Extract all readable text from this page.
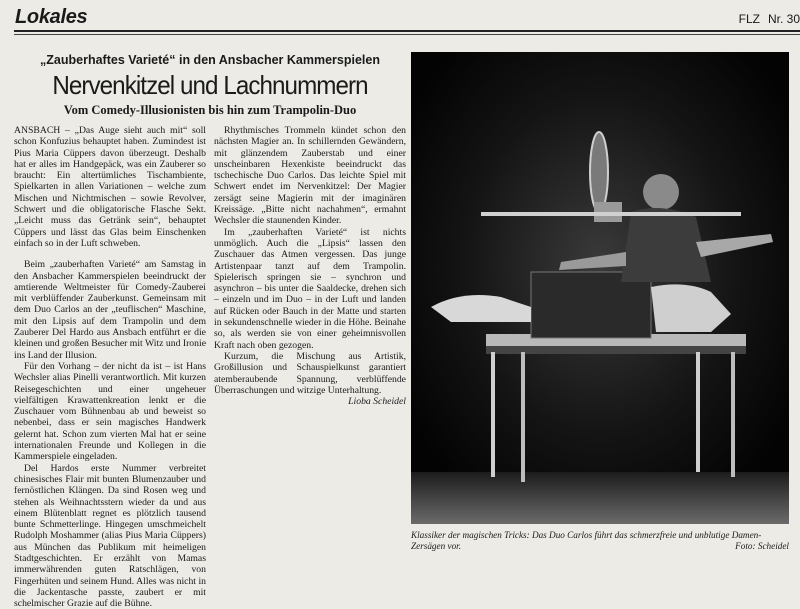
Lokales	FLZ Nr. 30
„Zauberhaftes Varieté“ in den Ansbacher Kammerspielen
Nervenkitzel und Lachnummern
Vom Comedy-Illusionisten bis hin zum Trampolin-Duo

ANSBACH – „Das Auge sieht auch mit“ soll schon Konfuzius behauptet haben. Zumindest ist Pius Maria Cüppers davon überzeugt. Deshalb hat er alles im Handgepäck, was ein Zauberer so braucht: Ein altertümliches Tischambiente, Spielkarten in allen Variationen – welche zum Mischen und Nichtmischen – sowie Revolver, Schwert und die obligatorische Flasche Sekt. „Leicht muss das Getränk sein“, behauptet Cüppers und lässt das Glas beim Einschenken einfach so in der Luft schweben.

Beim „zauberhaften Varieté“ am Samstag in den Ansbacher Kammerspielen beeindruckt der amtierende Weltmeister für Comedy-Zauberei mit verblüffender Zauberkunst. Gemeinsam mit dem Duo Carlos an der „teuflischen“ Maschine, mit den Lipsis auf dem Trampolin und dem Zauberer Del Hardo aus Ansbach entführt er die kleinen und großen Besucher mit Witz und Ironie ins Land der Illusion.

Für den Vorhang – der nicht da ist – ist Hans Wechsler alias Pinelli verantwortlich. Mit kurzen Reisegeschichten und einer ungeheuer vielfältigen Krawattenkreation lenkt er die Zuschauer vom Bühnenbau ab und beweist so nebenbei, dass er sein magisches Handwerk gelernt hat. Schon zum vierten Mal hat er seine internationalen Freunde und Kollegen in die Kammerspiele eingeladen.

Del Hardos erste Nummer verbreitet chinesisches Flair mit bunten Blumenzauber und fernöstlichen Klängen. Da sind Rosen weg und stehen als Weihnachtsstern wieder da und aus einem Blütenblatt regnet es plötzlich tausend bunte Schmetterlinge. Hingegen umschmeichelt Rudolph Moshammer (alias Pius Maria Cüppers) aus München das Publikum mit heimeligen Stadtgeschichten. Er erzählt von Mamas immerwährenden guten Ratschlägen, von Fingerhüten und seinem Hund. Alles was nicht in die Jackentasche passte, zaubert er mit schelmischer Grazie auf die Bühne.

Rhythmisches Trommeln kündet schon den nächsten Magier an. In schillernden Gewändern, mit glänzendem Zauberstab und einer unscheinbaren Hexenkiste beeindruckt das tschechische Duo Carlos. Das leichte Spiel mit Schwert endet im Nervenkitzel: Der Magier zersägt seine Magierin mit der imaginären Kreissäge. „Bitte nicht nachahmen“, ermahnt Wechsler die staunenden Kinder.

Im „zauberhaften Varieté“ ist nichts unmöglich. Auch die „Lipsis“ lassen den Zuschauer das Atmen vergessen. Das junge Artistenpaar tanzt auf dem Trampolin. Spielerisch springen sie – synchron und asynchron – bis unter die Saaldecke, drehen sich – einzeln und im Duo – in der Luft und landen auf Rücken oder Bauch in der Matte und starten in sekundenschnelle wieder in die Höhe. Beinahe so, als werden sie von einer geheimnisvollen Kraft nach oben gezogen.

Kurzum, die Mischung aus Artistik, Großillusion und Schauspielkunst garantiert atemberaubende Spannung, verblüffende Überraschungen und witzige Unterhaltung.
Lioba Scheidel

Klassiker der magischen Tricks: Das Duo Carlos führt das schmerzfreie und unblutige Damen-Zersägen vor.	Foto: Scheidel
